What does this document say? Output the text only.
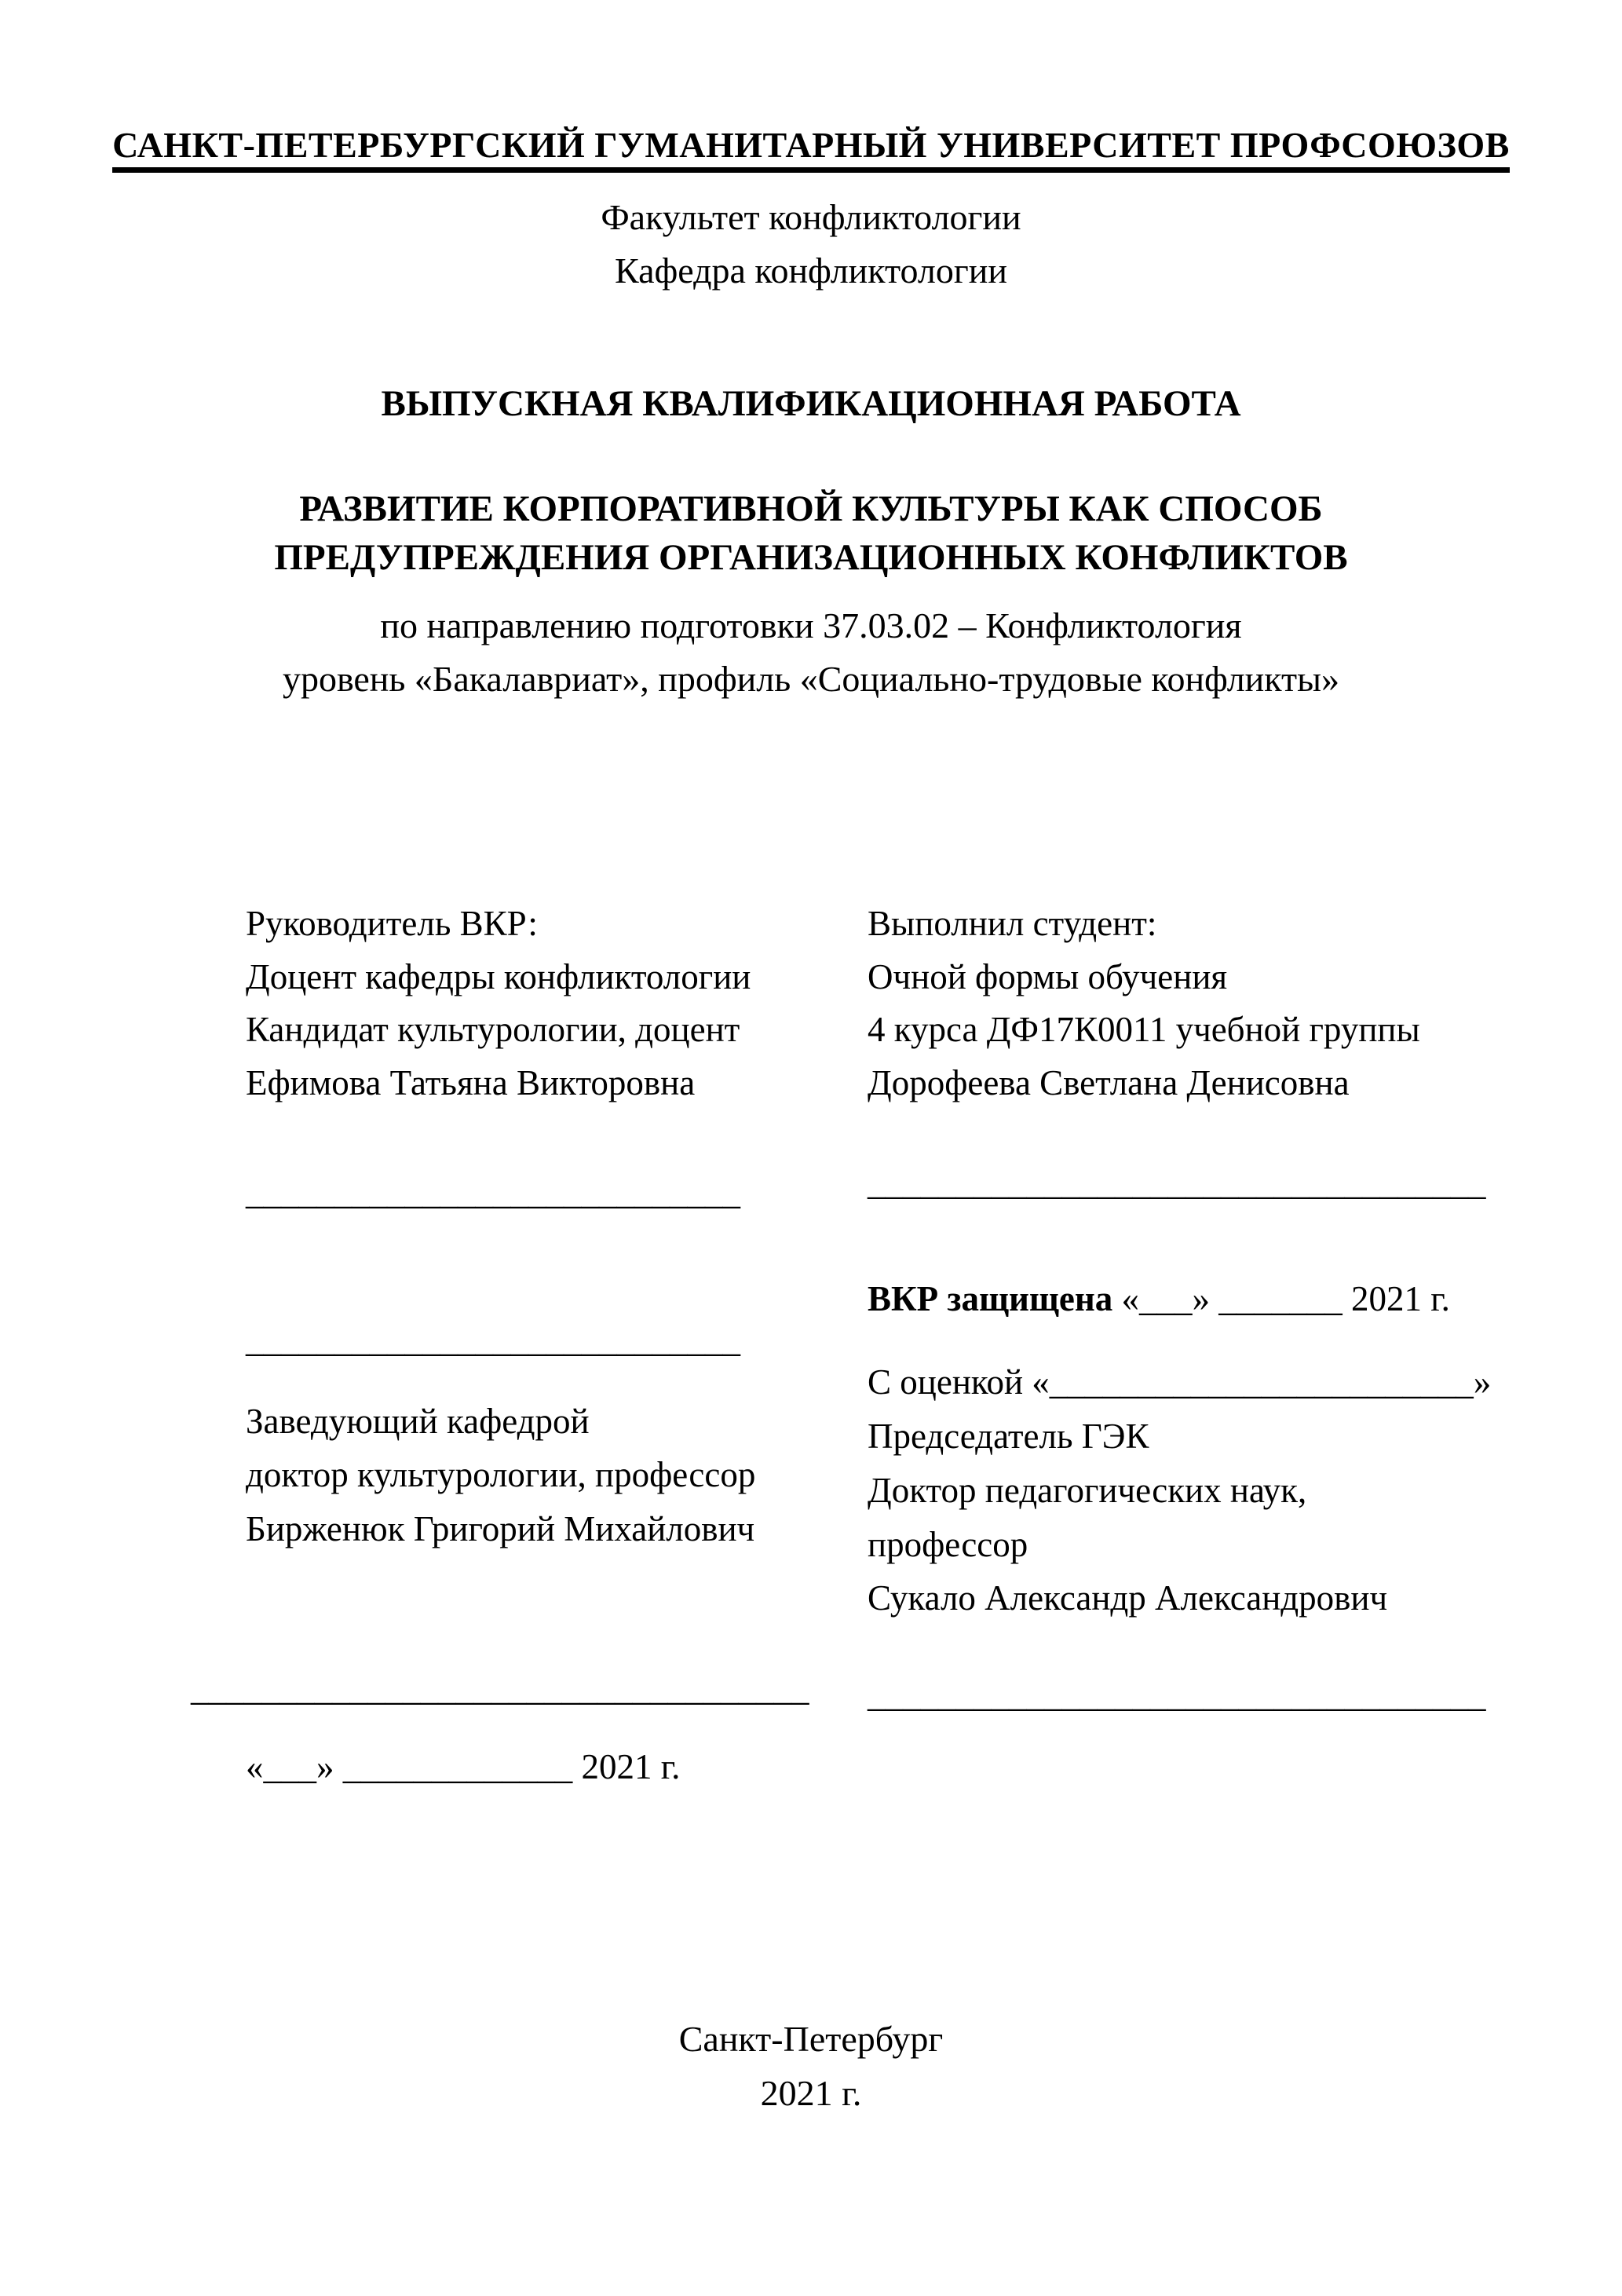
САНКТ-ПЕТЕРБУРГСКИЙ ГУМАНИТАРНЫЙ УНИВЕРСИТЕТ ПРОФСОЮЗОВ
Факультет конфликтологии
Кафедра конфликтологии
ВЫПУСКНАЯ КВАЛИФИКАЦИОННАЯ РАБОТА
РАЗВИТИЕ КОРПОРАТИВНОЙ КУЛЬТУРЫ КАК СПОСОБ
ПРЕДУПРЕЖДЕНИЯ ОРГАНИЗАЦИОННЫХ КОНФЛИКТОВ
по направлению подготовки 37.03.02 – Конфликтология
уровень «Бакалавриат», профиль «Социально-трудовые конфликты»
Руководитель ВКР:
Доцент кафедры конфликтологии
Кандидат культурологии, доцент
Ефимова Татьяна Викторовна
____________________________
____________________________
Заведующий кафедрой
доктор культурологии, профессор
Бирженюк Григорий Михайлович
___________________________________
«___» _____________ 2021 г.
Выполнил студент:
Очной формы обучения
4 курса ДФ17К0011 учебной группы
Дорофеева Светлана Денисовна
___________________________________
ВКР защищена «___» _______ 2021 г.
С оценкой «________________________»
Председатель ГЭК
Доктор педагогических наук,
профессор
Сукало Александр Александрович
___________________________________
Санкт-Петербург
2021 г.
